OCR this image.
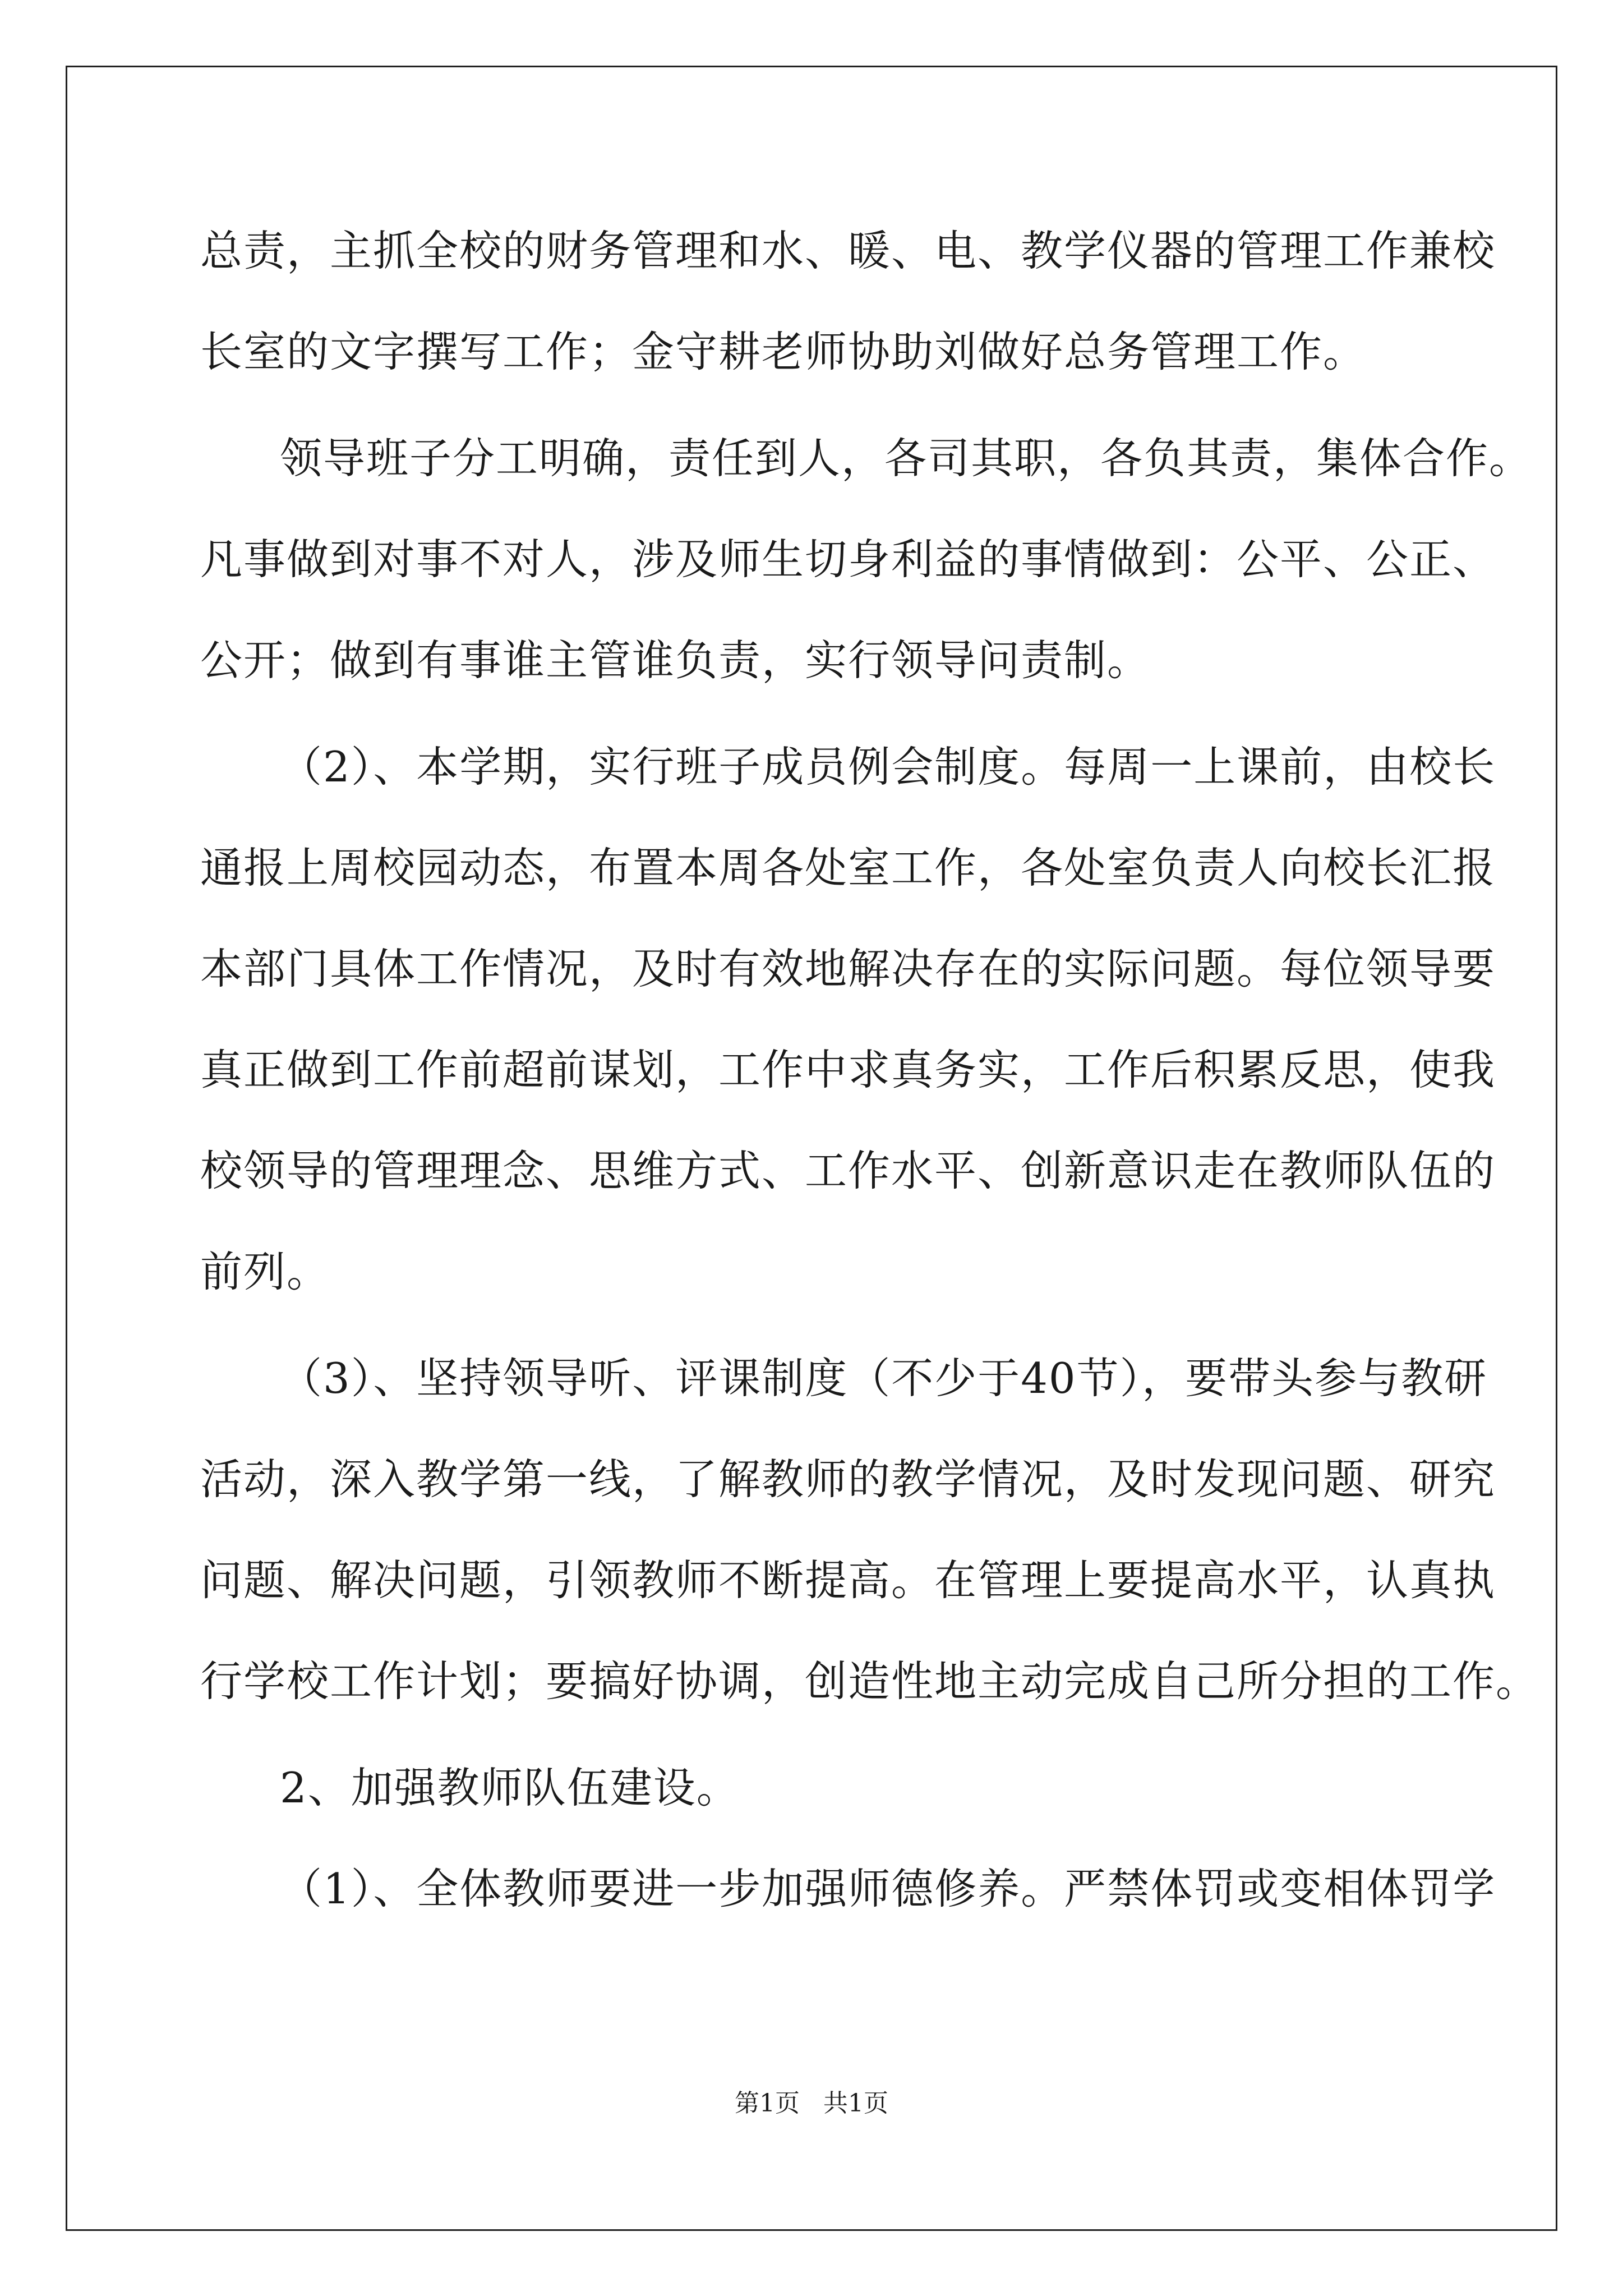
总责，主抓全校的财务管理和水、暖、电、教学仪器的管理工作兼校
长室的文字撰写工作；金守耕老师协助刘做好总务管理工作。
领导班子分工明确，责任到人，各司其职，各负其责，集体合作。
凡事做到对事不对人，涉及师生切身利益的事情做到：公平、公正、
公开；做到有事谁主管谁负责，实行领导问责制。
（2）、本学期，实行班子成员例会制度。每周一上课前，由校长
通报上周校园动态，布置本周各处室工作，各处室负责人向校长汇报
本部门具体工作情况，及时有效地解决存在的实际问题。每位领导要
真正做到工作前超前谋划，工作中求真务实，工作后积累反思，使我
校领导的管理理念、思维方式、工作水平、创新意识走在教师队伍的
前列。
（3）、坚持领导听、评课制度（不少于40节），要带头参与教研
活动，深入教学第一线，了解教师的教学情况，及时发现问题、研究
问题、解决问题，引领教师不断提高。在管理上要提高水平，认真执
行学校工作计划；要搞好协调，创造性地主动完成自己所分担的工作。
2、加强教师队伍建设。
（1）、全体教师要进一步加强师德修养。严禁体罚或变相体罚学
第1页   共1页
